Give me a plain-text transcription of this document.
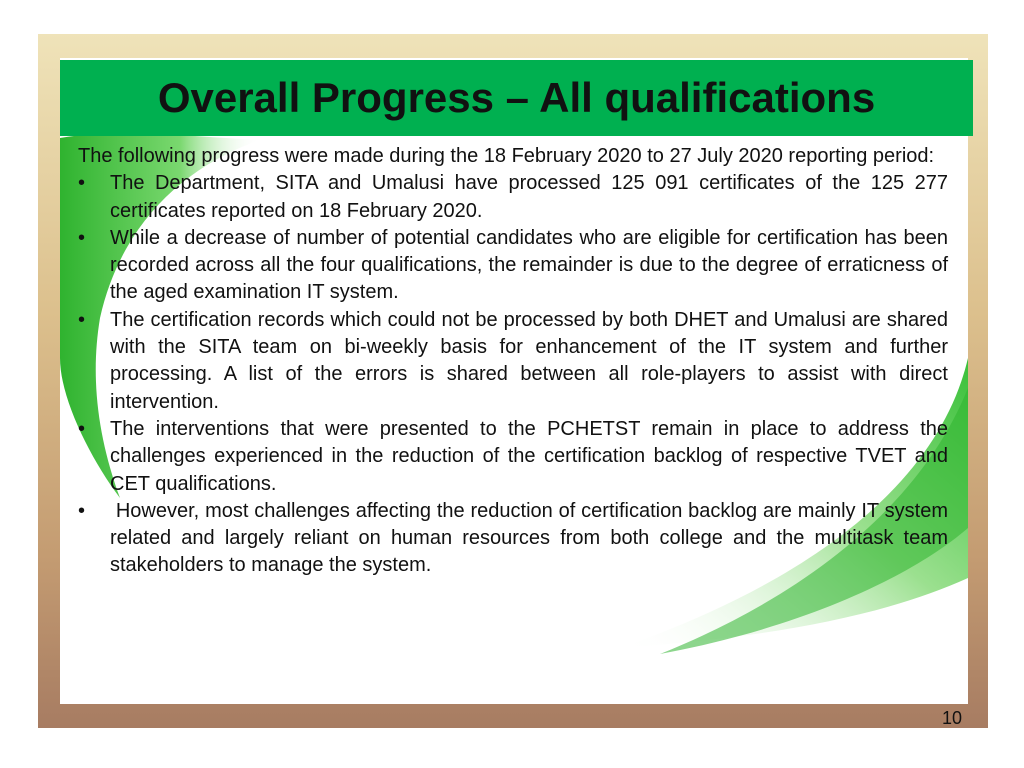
Overall Progress – All qualifications

The following progress were made during the 18 February 2020 to 27 July 2020 reporting period:

• The Department, SITA and Umalusi have processed 125 091 certificates of the 125 277 certificates reported on 18 February 2020.
• While a decrease of number of potential candidates who are eligible for certification has been recorded across all the four qualifications, the remainder is due to the degree of erraticness of the aged examination IT system.
• The certification records which could not be processed by both DHET and Umalusi are shared with the SITA team on bi-weekly basis for enhancement of the IT system and further processing. A list of the errors is shared between all role-players to assist with direct intervention.
• The interventions that were presented to the PCHETST remain in place to address the challenges experienced in the reduction of the certification backlog of respective TVET and CET qualifications.
• However, most challenges affecting the reduction of certification backlog are mainly IT system related and largely reliant on human resources from both college and the multitask team stakeholders to manage the system.
10
